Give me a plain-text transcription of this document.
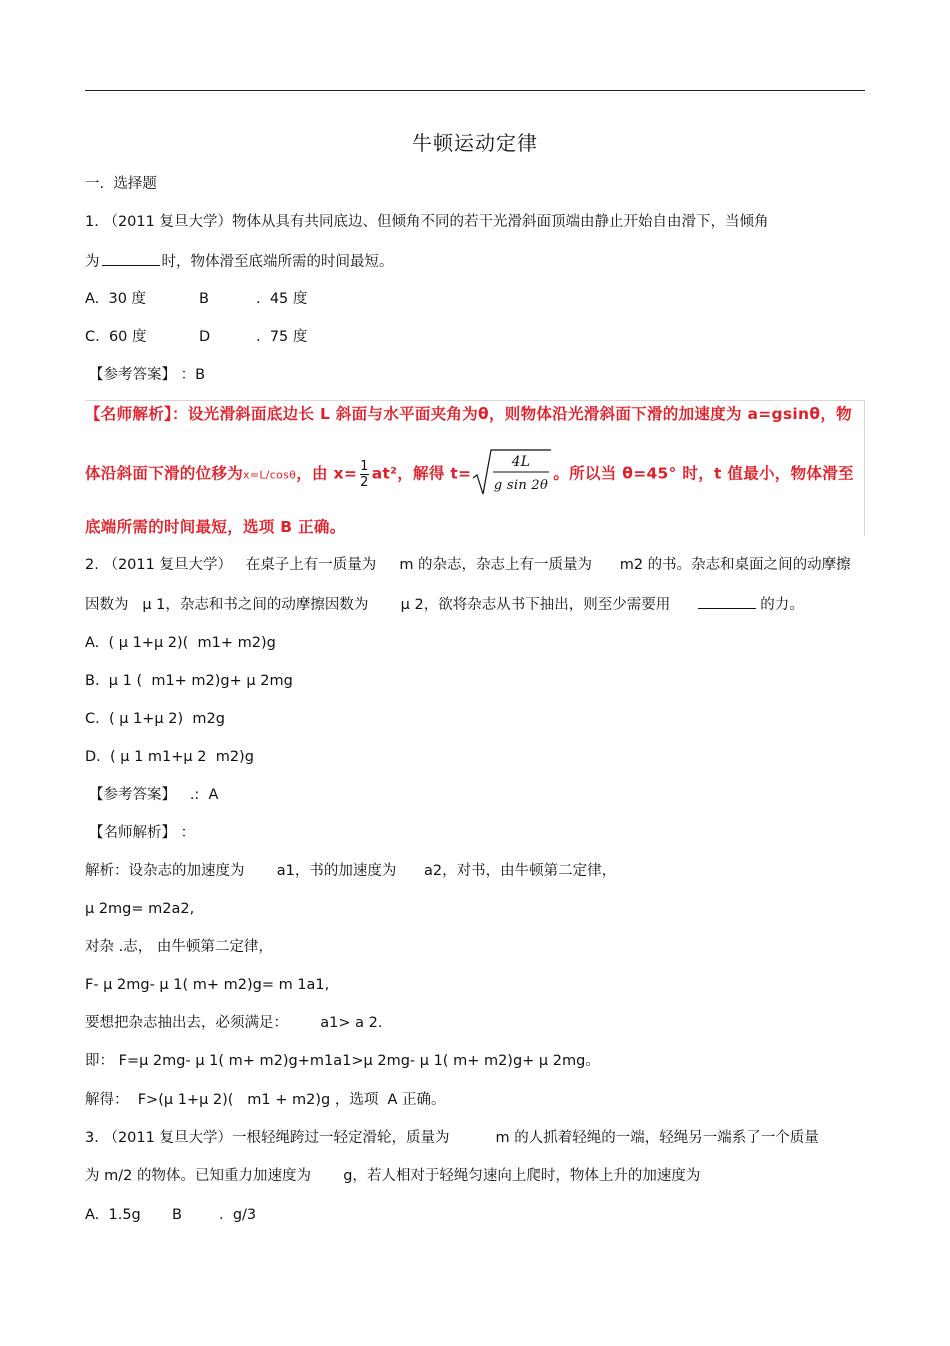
牛顿运动定律
一.  选择题
1. （2011 复旦大学）物体从具有共同底边、但倾角不同的若干光滑斜面顶端由静止开始自由滑下，当倾角
为	时，物体滑至底端所需的时间最短。
A.  30 度	B	.  45 度
C.  60 度	D	.  75 度
【参考答案】 ：B
【名师解析】：设光滑斜面底边长 L 斜面与水平面夹角为θ，则物体沿光滑斜面下滑的加速度为 a=gsinθ，物
体沿斜面下滑的位移为x=L/cosθ，由 $x= \frac{1}{2} at^2$，解得 t=
4L
g sin 2θ
。所以当 θ=45° 时，t 值最小，物体滑至
底端所需的时间最短，选项 B 正确。
2. （2011 复旦大学）   在桌子上有一质量为     m 的杂志，杂志上有一质量为      m2 的书。杂志和桌面之间的动摩擦
因数为   μ 1，杂志和书之间的动摩擦因数为       μ 2，欲将杂志从书下抽出，则至少需要用	的力。
A.  ( μ 1+μ 2)(  m1+ m2)g
B.  μ 1 (  m1+ m2)g+ μ 2mg
C.  ( μ 1+μ 2)  m2g
D.  ( μ 1 m1+μ 2  m2)g
【参考答案】   .:  A
【名师解析】 ：
解析：设杂志的加速度为       a1，书的加速度为      a2，对书，由牛顿第二定律，
μ 2mg= m2a2,
对杂 .志， 由牛顿第二定律，
F- μ 2mg- μ 1( m+ m2)g= m 1a1,
要想把杂志抽出去，必须满足：       a1> a 2.
即： F=μ 2mg- μ 1( m+ m2)g+m1a1>μ 2mg- μ 1( m+ m2)g+ μ 2mg。
解得：  F>(μ 1+μ 2)(   m1 + m2)g ，选项  A 正确。
3. （2011 复旦大学）一根轻绳跨过一轻定滑轮，质量为          m 的人抓着轻绳的一端，轻绳另一端系了一个质量
为 m/2 的物体。已知重力加速度为       g，若人相对于轻绳匀速向上爬时，物体上升的加速度为
A.  1.5g B	.  g/3
